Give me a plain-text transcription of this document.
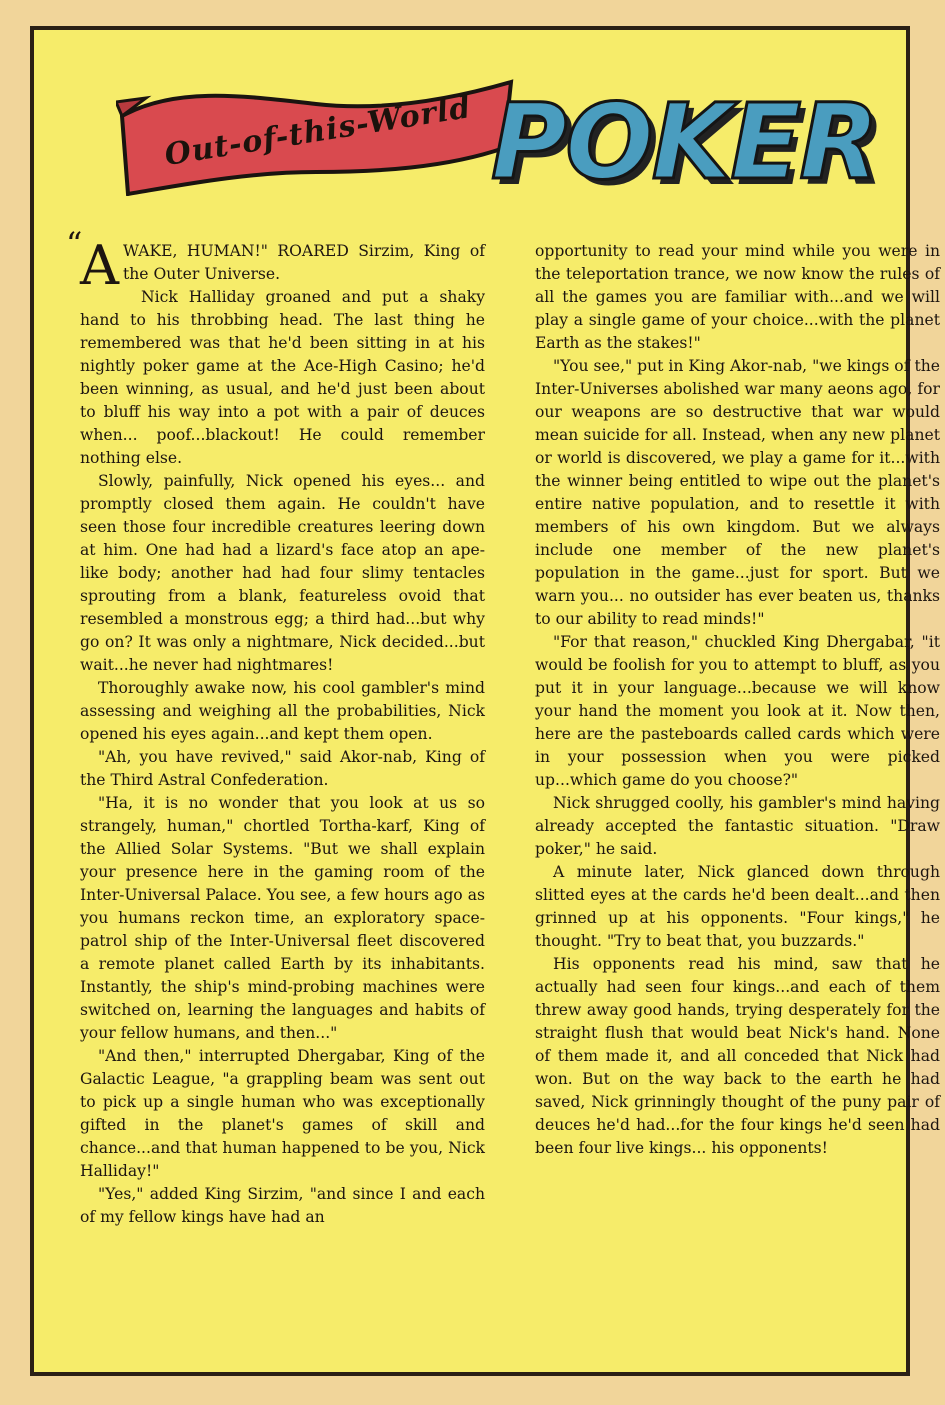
Out-of-this-World POKER
“

AWAKE, HUMAN!" ROARED Sirzim, King of the Outer Universe.

Nick Halliday groaned and put a shaky hand to his throbbing head. The last thing he remembered was that he'd been sitting in at his nightly poker game at the Ace-High Casino; he'd been winning, as usual, and he'd just been about to bluff his way into a pot with a pair of deuces when... poof...blackout! He could remember nothing else.

Slowly, painfully, Nick opened his eyes... and promptly closed them again. He couldn't have seen those four incredible creatures leering down at him. One had had a lizard's face atop an ape-like body; another had had four slimy tentacles sprouting from a blank, featureless ovoid that resembled a monstrous egg; a third had...but why go on? It was only a nightmare, Nick decided...but wait...he never had nightmares!

Thoroughly awake now, his cool gambler's mind assessing and weighing all the probabilities, Nick opened his eyes again...and kept them open.

"Ah, you have revived," said Akor-nab, King of the Third Astral Confederation.

"Ha, it is no wonder that you look at us so strangely, human," chortled Tortha-karf, King of the Allied Solar Systems. "But we shall explain your presence here in the gaming room of the Inter-Universal Palace. You see, a few hours ago as you humans reckon time, an exploratory space-patrol ship of the Inter-Universal fleet discovered a remote planet called Earth by its inhabitants. Instantly, the ship's mind-probing machines were switched on, learning the languages and habits of your fellow humans, and then..."

"And then," interrupted Dhergabar, King of the Galactic League, "a grappling beam was sent out to pick up a single human who was exceptionally gifted in the planet's games of skill and chance...and that human happened to be you, Nick Halliday!"

"Yes," added King Sirzim, "and since I and each of my fellow kings have had an

opportunity to read your mind while you were in the teleportation trance, we now know the rules of all the games you are familiar with...and we will play a single game of your choice...with the planet Earth as the stakes!"

"You see," put in King Akor-nab, "we kings of the Inter-Universes abolished war many aeons ago, for our weapons are so destructive that war would mean suicide for all. Instead, when any new planet or world is discovered, we play a game for it...with the winner being entitled to wipe out the planet's entire native population, and to resettle it with members of his own kingdom. But we always include one member of the new planet's population in the game...just for sport. But we warn you... no outsider has ever beaten us, thanks to our ability to read minds!"

"For that reason," chuckled King Dhergabar, "it would be foolish for you to attempt to bluff, as you put it in your language...because we will know your hand the moment you look at it. Now then, here are the pasteboards called cards which were in your possession when you were picked up...which game do you choose?"

Nick shrugged coolly, his gambler's mind having already accepted the fantastic situation. "Draw poker," he said.

A minute later, Nick glanced down through slitted eyes at the cards he'd been dealt...and then grinned up at his opponents. "Four kings," he thought. "Try to beat that, you buzzards."

His opponents read his mind, saw that he actually had seen four kings...and each of them threw away good hands, trying desperately for the straight flush that would beat Nick's hand. None of them made it, and all conceded that Nick had won. But on the way back to the earth he had saved, Nick grinningly thought of the puny pair of deuces he'd had...for the four kings he'd seen had been four live kings... his opponents!
